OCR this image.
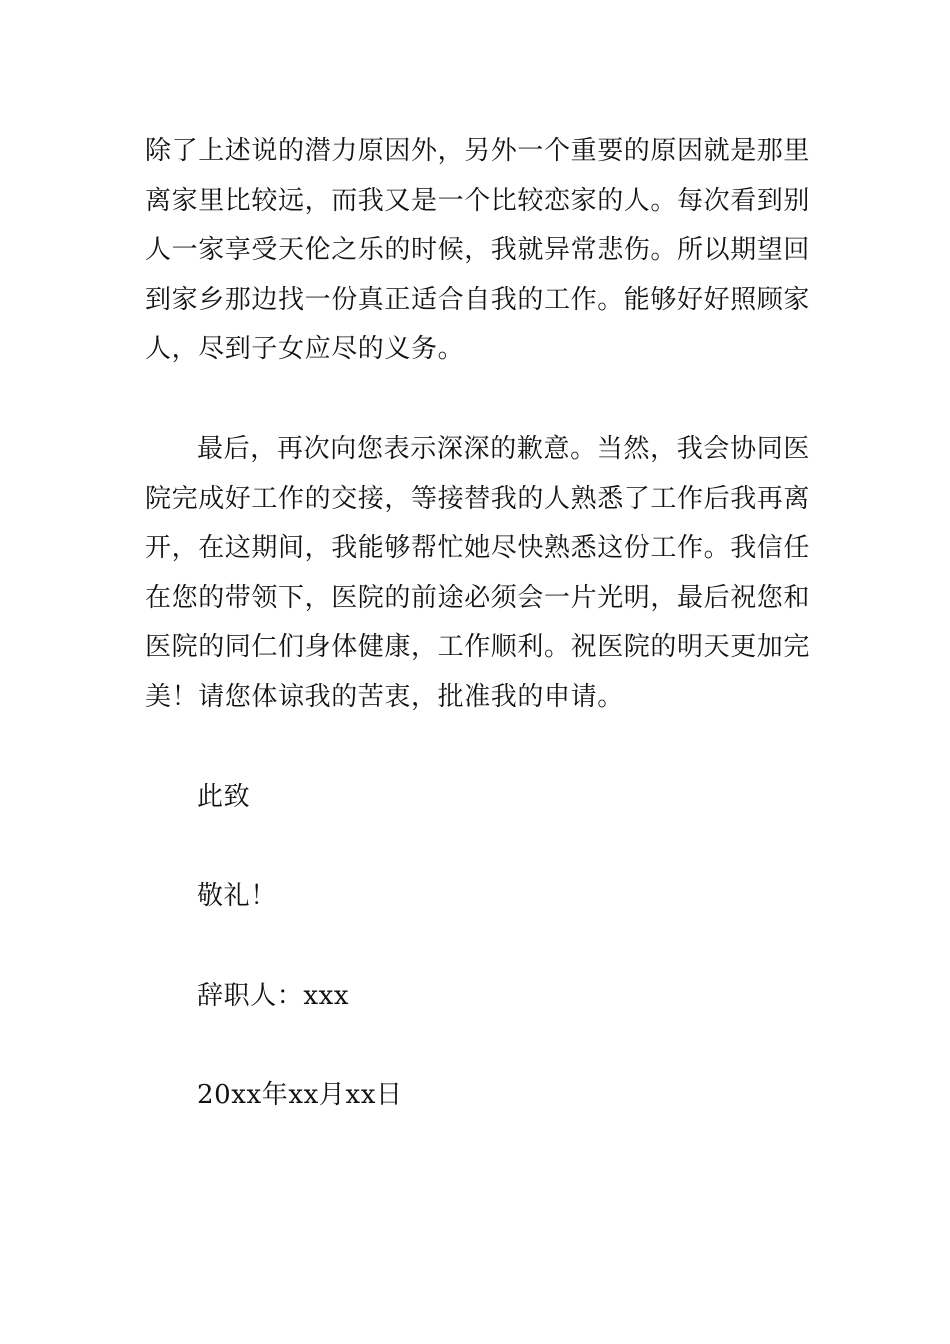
除了上述说的潜力原因外，另外一个重要的原因就是那里离家里比较远，而我又是一个比较恋家的人。每次看到别人一家享受天伦之乐的时候，我就异常悲伤。所以期望回到家乡那边找一份真正适合自我的工作。能够好好照顾家人，尽到子女应尽的义务。

最后，再次向您表示深深的歉意。当然，我会协同医院完成好工作的交接，等接替我的人熟悉了工作后我再离开，在这期间，我能够帮忙她尽快熟悉这份工作。我信任在您的带领下，医院的前途必须会一片光明，最后祝您和医院的同仁们身体健康，工作顺利。祝医院的明天更加完美！请您体谅我的苦衷，批准我的申请。

此致

敬礼！

辞职人：xxx

20xx年xx月xx日
